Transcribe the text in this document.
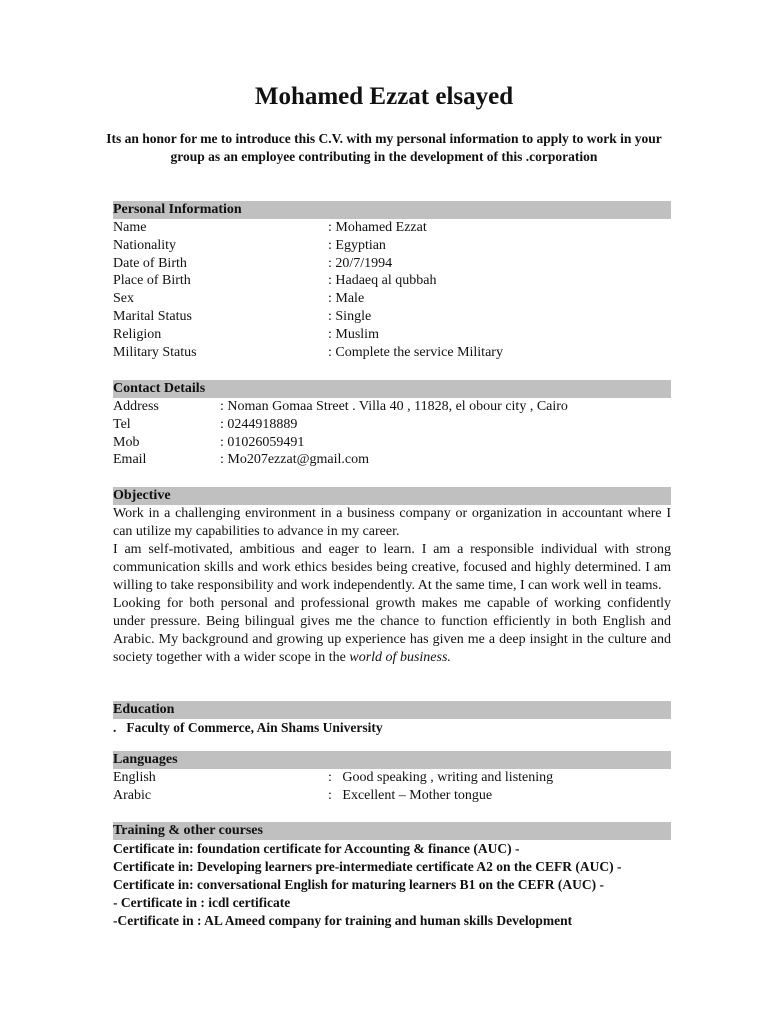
Mohamed Ezzat elsayed
Its an honor for me to introduce this C.V. with my personal information to apply to work in your group as an employee contributing in the development of this .corporation
Personal Information
Name	: Mohamed Ezzat
Nationality	: Egyptian
Date of Birth	: 20/7/1994
Place of Birth	: Hadaeq al qubbah
Sex	: Male
Marital Status	: Single
Religion	: Muslim
Military Status	: Complete the service Military
Contact Details
Address	: Noman Gomaa Street . Villa 40 , 11828, el obour city , Cairo
Tel	: 0244918889
Mob	: 01026059491
Email	: Mo207ezzat@gmail.com
Objective
Work in a challenging environment in a business company or organization in accountant where I can utilize my capabilities to advance in my career.
I am self-motivated, ambitious and eager to learn. I am a responsible individual with strong communication skills and work ethics besides being creative, focused and highly determined. I am willing to take responsibility and work independently. At the same time, I can work well in teams.
Looking for both personal and professional growth makes me capable of working confidently under pressure. Being bilingual gives me the chance to function efficiently in both English and Arabic. My background and growing up experience has given me a deep insight in the culture and society together with a wider scope in the world of business.
Education
. Faculty of Commerce, Ain Shams University
Languages
English	:   Good speaking , writing and listening
Arabic	:   Excellent – Mother tongue
Training & other courses
Certificate in: foundation certificate for Accounting & finance (AUC) -
Certificate in: Developing learners pre-intermediate certificate A2 on the CEFR (AUC) -
Certificate in: conversational English for maturing learners B1 on the CEFR (AUC) -
- Certificate in : icdl certificate
-Certificate in : AL Ameed company for training and human skills Development
